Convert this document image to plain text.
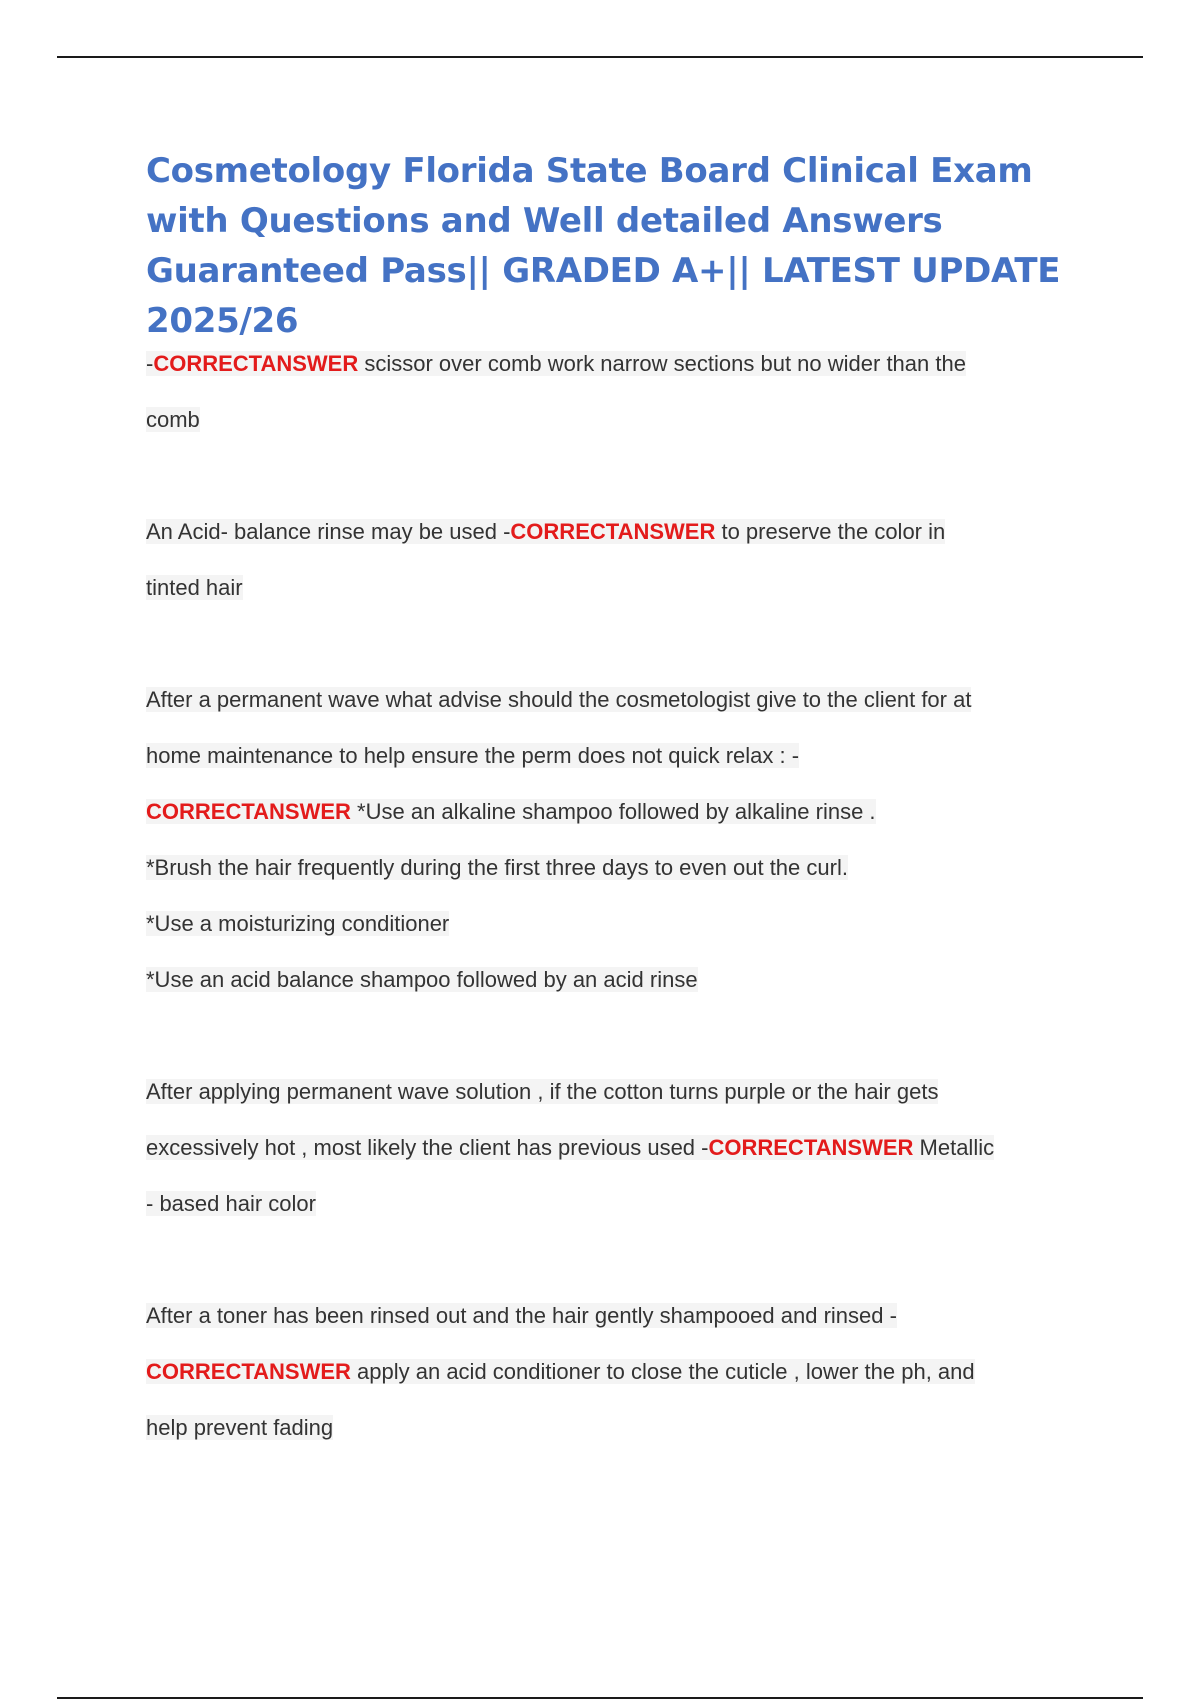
Cosmetology Florida State Board Clinical Exam with Questions and Well detailed Answers Guaranteed Pass|| GRADED A+|| LATEST UPDATE 2025/26
-CORRECTANSWER scissor over comb work narrow sections but no wider than the
comb
An Acid- balance rinse may be used -CORRECTANSWER to preserve the color in
tinted hair
After a permanent wave what advise should the cosmetologist give to the client for at
home maintenance to help ensure the perm does not quick relax : -
CORRECTANSWER *Use an alkaline shampoo followed by alkaline rinse .
*Brush the hair frequently during the first three days to even out the curl.
*Use a moisturizing conditioner
*Use an acid balance shampoo followed by an acid rinse
After applying permanent wave solution , if the cotton turns purple or the hair gets
excessively hot , most likely the client has previous used -CORRECTANSWER Metallic
- based hair color
After a toner has been rinsed out and the hair gently shampooed and rinsed -
CORRECTANSWER apply an acid conditioner to close the cuticle , lower the ph, and
help prevent fading
